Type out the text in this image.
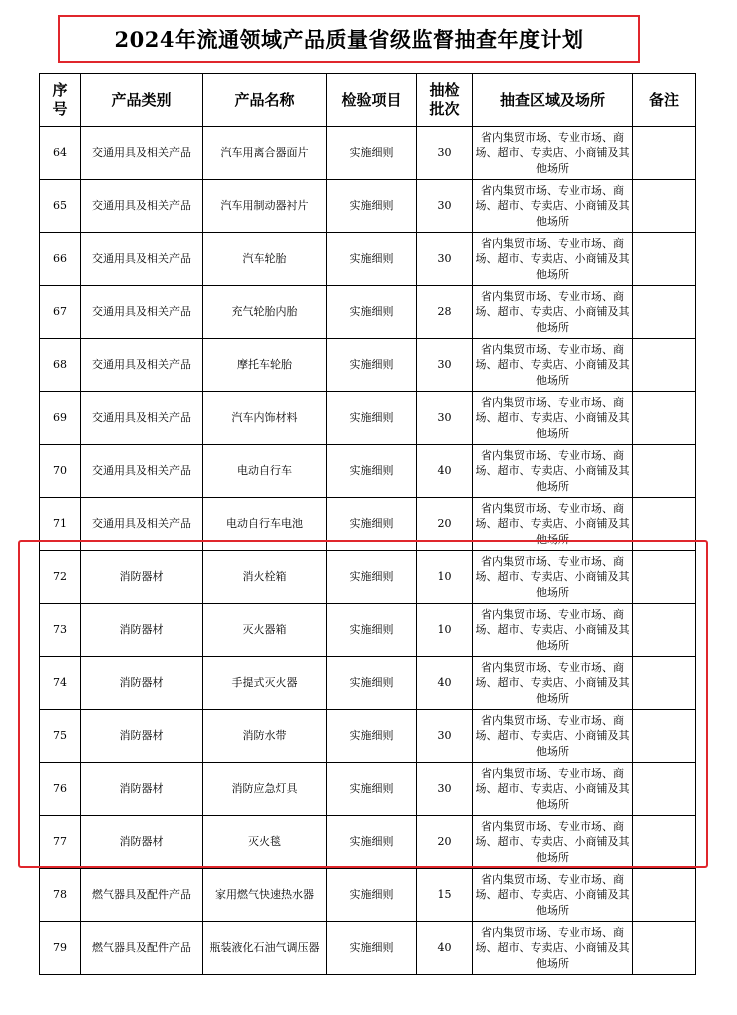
2024年流通领域产品质量省级监督抽查年度计划
序号	产品类别	产品名称	检验项目	抽检批次	抽查区域及场所	备注
64	交通用具及相关产品	汽车用离合器面片	实施细则	30	省内集贸市场、专业市场、商场、超市、专卖店、小商铺及其他场所	
65	交通用具及相关产品	汽车用制动器衬片	实施细则	30	省内集贸市场、专业市场、商场、超市、专卖店、小商铺及其他场所	
66	交通用具及相关产品	汽车轮胎	实施细则	30	省内集贸市场、专业市场、商场、超市、专卖店、小商铺及其他场所	
67	交通用具及相关产品	充气轮胎内胎	实施细则	28	省内集贸市场、专业市场、商场、超市、专卖店、小商铺及其他场所	
68	交通用具及相关产品	摩托车轮胎	实施细则	30	省内集贸市场、专业市场、商场、超市、专卖店、小商铺及其他场所	
69	交通用具及相关产品	汽车内饰材料	实施细则	30	省内集贸市场、专业市场、商场、超市、专卖店、小商铺及其他场所	
70	交通用具及相关产品	电动自行车	实施细则	40	省内集贸市场、专业市场、商场、超市、专卖店、小商铺及其他场所	
71	交通用具及相关产品	电动自行车电池	实施细则	20	省内集贸市场、专业市场、商场、超市、专卖店、小商铺及其他场所	
72	消防器材	消火栓箱	实施细则	10	省内集贸市场、专业市场、商场、超市、专卖店、小商铺及其他场所	
73	消防器材	灭火器箱	实施细则	10	省内集贸市场、专业市场、商场、超市、专卖店、小商铺及其他场所	
74	消防器材	手提式灭火器	实施细则	40	省内集贸市场、专业市场、商场、超市、专卖店、小商铺及其他场所	
75	消防器材	消防水带	实施细则	30	省内集贸市场、专业市场、商场、超市、专卖店、小商铺及其他场所	
76	消防器材	消防应急灯具	实施细则	30	省内集贸市场、专业市场、商场、超市、专卖店、小商铺及其他场所	
77	消防器材	灭火毯	实施细则	20	省内集贸市场、专业市场、商场、超市、专卖店、小商铺及其他场所	
78	燃气器具及配件产品	家用燃气快速热水器	实施细则	15	省内集贸市场、专业市场、商场、超市、专卖店、小商铺及其他场所	
79	燃气器具及配件产品	瓶装液化石油气调压器	实施细则	40	省内集贸市场、专业市场、商场、超市、专卖店、小商铺及其他场所	
